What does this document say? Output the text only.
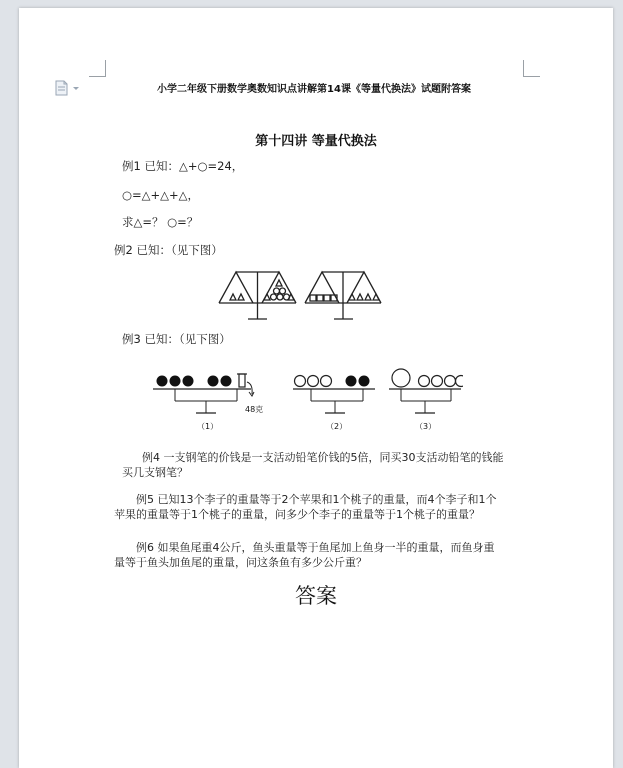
小学二年级下册数学奥数知识点讲解第14课《等量代换法》试题附答案
第十四讲 等量代换法
例1 已知：△+○=24，
○=△+△+△，
求△=？ ○=？
例2 已知：（见下图）
例3 已知：（见下图）
48克
（1）	（2）	（3）
例4 一支钢笔的价钱是一支活动铅笔价钱的5倍，同买30支活动铅笔的钱能
买几支钢笔？
例5 已知13个李子的重量等于2个苹果和1个桃子的重量，而4个李子和1个
苹果的重量等于1个桃子的重量，问多少个李子的重量等于1个桃子的重量？
例6 如果鱼尾重4公斤，鱼头重量等于鱼尾加上鱼身一半的重量，而鱼身重
量等于鱼头加鱼尾的重量，问这条鱼有多少公斤重？
答案
